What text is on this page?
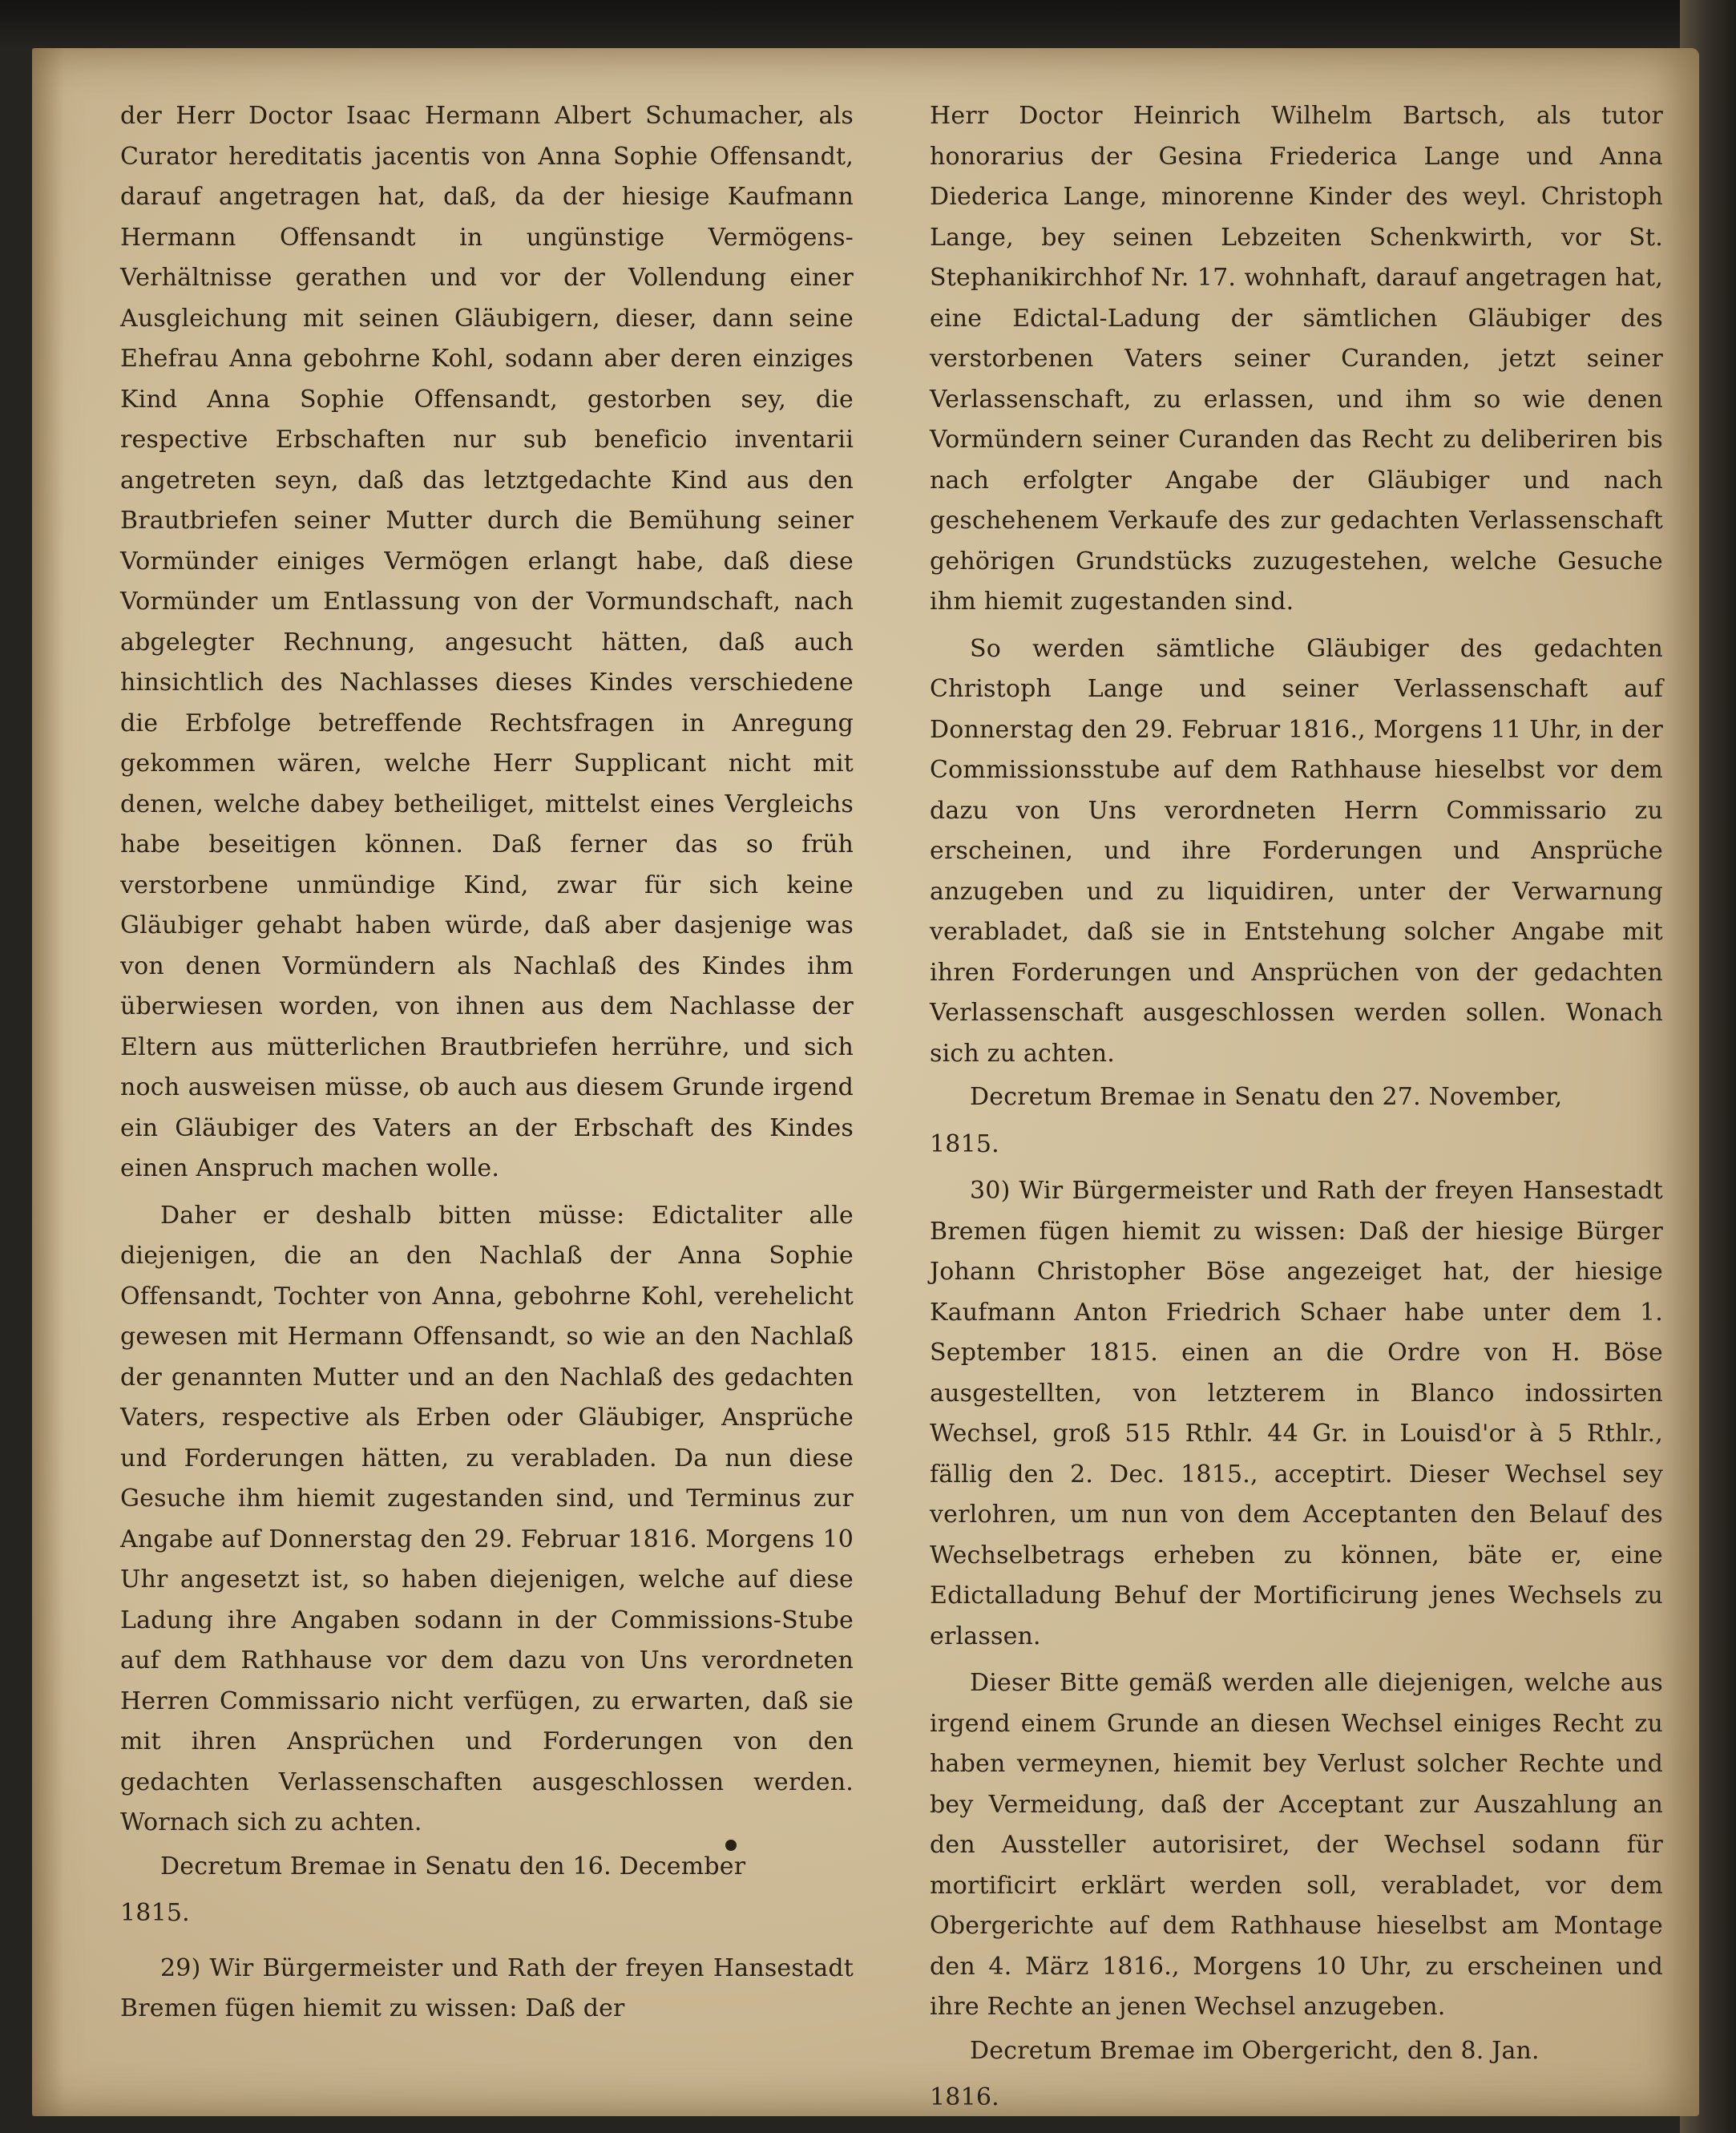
der Herr Doctor Isaac Hermann Albert Schumacher, als Curator hereditatis jacentis von Anna Sophie Offensandt, darauf angetragen hat, daß, da der hiesige Kaufmann Hermann Offensandt in ungünstige Vermögens-Verhältnisse gerathen und vor der Vollendung einer Ausgleichung mit seinen Gläubigern, dieser, dann seine Ehefrau Anna gebohrne Kohl, sodann aber deren einziges Kind Anna Sophie Offensandt, gestorben sey, die respective Erbschaften nur sub beneficio inventarii angetreten seyn, daß das letztgedachte Kind aus den Brautbriefen seiner Mutter durch die Bemühung seiner Vormünder einiges Vermögen erlangt habe, daß diese Vormünder um Entlassung von der Vormundschaft, nach abgelegter Rechnung, angesucht hätten, daß auch hinsichtlich des Nachlasses dieses Kindes verschiedene die Erbfolge betreffende Rechtsfragen in Anregung gekommen wären, welche Herr Supplicant nicht mit denen, welche dabey betheiliget, mittelst eines Vergleichs habe beseitigen können. Daß ferner das so früh verstorbene unmündige Kind, zwar für sich keine Gläubiger gehabt haben würde, daß aber dasjenige was von denen Vormündern als Nachlaß des Kindes ihm überwiesen worden, von ihnen aus dem Nachlasse der Eltern aus mütterlichen Brautbriefen herrühre, und sich noch ausweisen müsse, ob auch aus diesem Grunde irgend ein Gläubiger des Vaters an der Erbschaft des Kindes einen Anspruch machen wolle.

Daher er deshalb bitten müsse: Edictaliter alle diejenigen, die an den Nachlaß der Anna Sophie Offensandt, Tochter von Anna, gebohrne Kohl, verehelicht gewesen mit Hermann Offensandt, so wie an den Nachlaß der genannten Mutter und an den Nachlaß des gedachten Vaters, respective als Erben oder Gläubiger, Ansprüche und Forderungen hätten, zu verabladen. Da nun diese Gesuche ihm hiemit zugestanden sind, und Terminus zur Angabe auf Donnerstag den 29. Februar 1816. Morgens 10 Uhr angesetzt ist, so haben diejenigen, welche auf diese Ladung ihre Angaben sodann in der Commissions-Stube auf dem Rathhause vor dem dazu von Uns verordneten Herren Commissario nicht verfügen, zu erwarten, daß sie mit ihren Ansprüchen und Forderungen von den gedachten Verlassenschaften ausgeschlossen werden. Wornach sich zu achten.

Decretum Bremae in Senatu den 16. December

1815.

29) Wir Bürgermeister und Rath der freyen Hansestadt Bremen fügen hiemit zu wissen: Daß der

Herr Doctor Heinrich Wilhelm Bartsch, als tutor honorarius der Gesina Friederica Lange und Anna Diederica Lange, minorenne Kinder des weyl. Christoph Lange, bey seinen Lebzeiten Schenkwirth, vor St. Stephanikirchhof Nr. 17. wohnhaft, darauf angetragen hat, eine Edictal-Ladung der sämtlichen Gläubiger des verstorbenen Vaters seiner Curanden, jetzt seiner Verlassenschaft, zu erlassen, und ihm so wie denen Vormündern seiner Curanden das Recht zu deliberiren bis nach erfolgter Angabe der Gläubiger und nach geschehenem Verkaufe des zur gedachten Verlassenschaft gehörigen Grundstücks zuzugestehen, welche Gesuche ihm hiemit zugestanden sind.

So werden sämtliche Gläubiger des gedachten Christoph Lange und seiner Verlassenschaft auf Donnerstag den 29. Februar 1816., Morgens 11 Uhr, in der Commissionsstube auf dem Rathhause hieselbst vor dem dazu von Uns verordneten Herrn Commissario zu erscheinen, und ihre Forderungen und Ansprüche anzugeben und zu liquidiren, unter der Verwarnung verabladet, daß sie in Entstehung solcher Angabe mit ihren Forderungen und Ansprüchen von der gedachten Verlassenschaft ausgeschlossen werden sollen. Wonach sich zu achten.

Decretum Bremae in Senatu den 27. November,

1815.

30) Wir Bürgermeister und Rath der freyen Hansestadt Bremen fügen hiemit zu wissen: Daß der hiesige Bürger Johann Christopher Böse angezeiget hat, der hiesige Kaufmann Anton Friedrich Schaer habe unter dem 1. September 1815. einen an die Ordre von H. Böse ausgestellten, von letzterem in Blanco indossirten Wechsel, groß 515 Rthlr. 44 Gr. in Louisd'or à 5 Rthlr., fällig den 2. Dec. 1815., acceptirt. Dieser Wechsel sey verlohren, um nun von dem Acceptanten den Belauf des Wechselbetrags erheben zu können, bäte er, eine Edictalladung Behuf der Mortificirung jenes Wechsels zu erlassen.

Dieser Bitte gemäß werden alle diejenigen, welche aus irgend einem Grunde an diesen Wechsel einiges Recht zu haben vermeynen, hiemit bey Verlust solcher Rechte und bey Vermeidung, daß der Acceptant zur Auszahlung an den Aussteller autorisiret, der Wechsel sodann für mortificirt erklärt werden soll, verabladet, vor dem Obergerichte auf dem Rathhause hieselbst am Montage den 4. März 1816., Morgens 10 Uhr, zu erscheinen und ihre Rechte an jenen Wechsel anzugeben.

Decretum Bremae im Obergericht, den 8. Jan.

1816.
